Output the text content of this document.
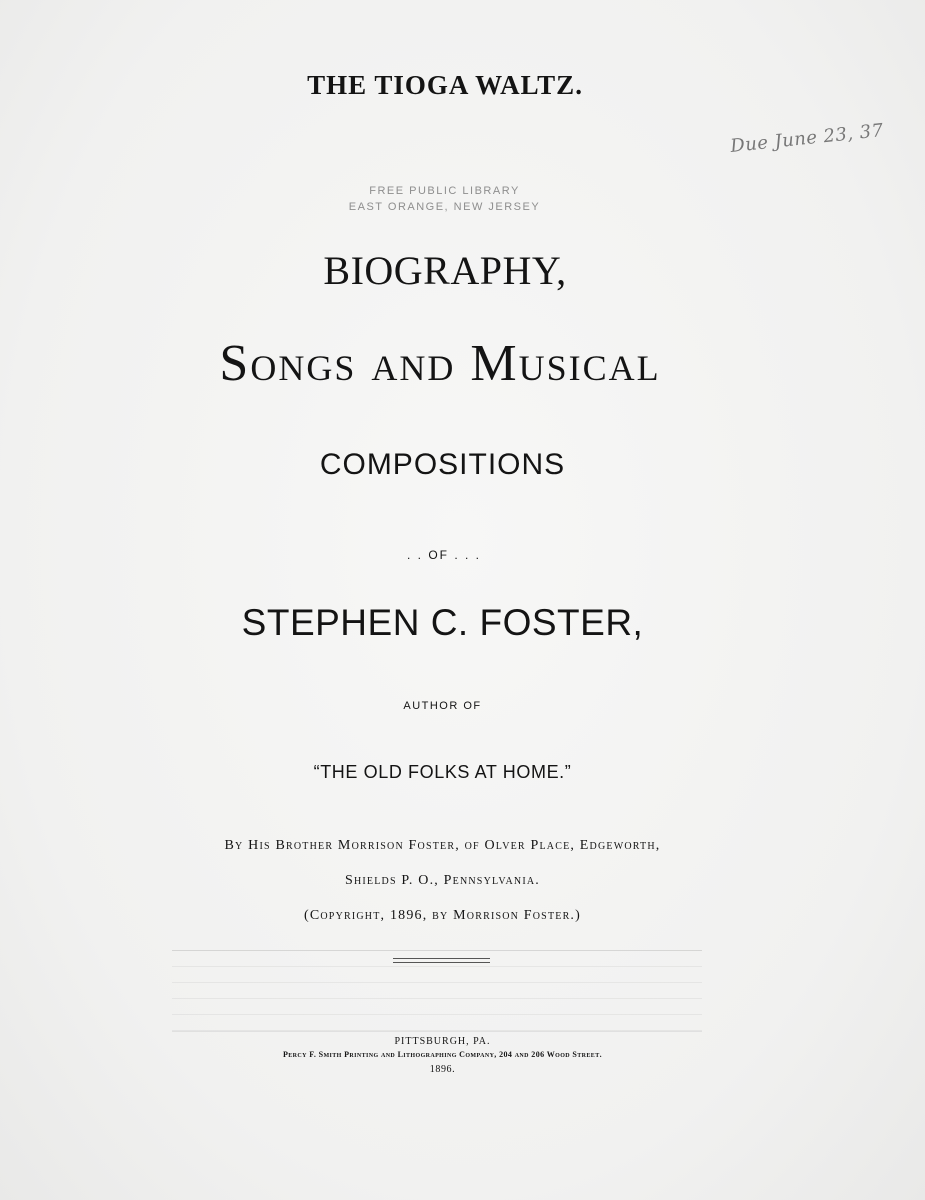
THE TIOGA WALTZ.
FREE PUBLIC LIBRARY
EAST ORANGE, NEW JERSEY
Due June 23, 37
BIOGRAPHY,
Songs and Musical
COMPOSITIONS
. . OF . . .
STEPHEN C. FOSTER,
AUTHOR OF
“THE OLD FOLKS AT HOME.”
By His Brother Morrison Foster, of Olver Place, Edgeworth,
Shields P. O., Pennsylvania.
(Copyright, 1896, by Morrison Foster.)
PITTSBURGH, PA.
Percy F. Smith Printing and Lithographing Company, 204 and 206 Wood Street.
1896.
